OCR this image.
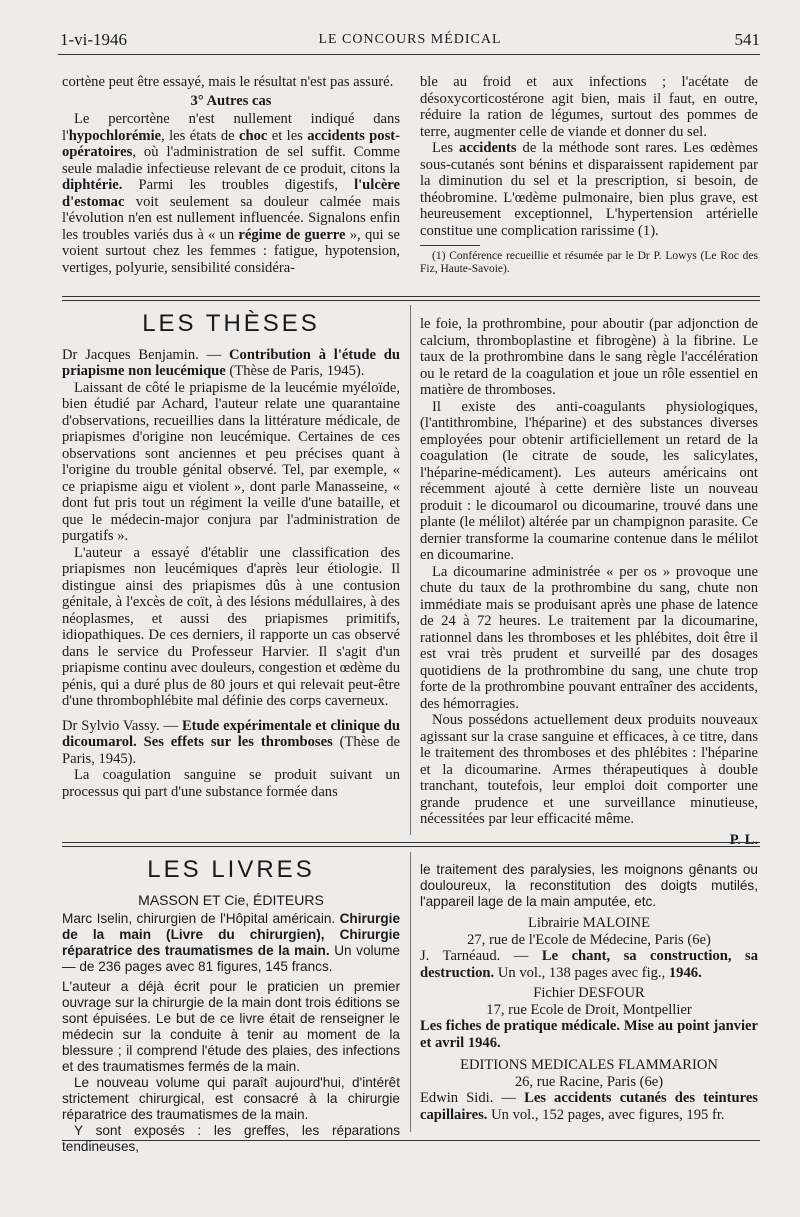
1-vi-1946	LE CONCOURS MÉDICAL	541

cortène peut être essayé, mais le résultat n'est pas assuré.

3° Autres cas

Le percortène n'est nullement indiqué dans l'hypochlorémie, les états de choc et les accidents post-opératoires, où l'administration de sel suffit. Comme seule maladie infectieuse relevant de ce produit, citons la diphtérie. Parmi les troubles digestifs, l'ulcère d'estomac voit seulement sa douleur calmée mais l'évolution n'en est nullement influencée. Signalons enfin les troubles variés dus à « un régime de guerre », qui se voient surtout chez les femmes : fatigue, hypotension, vertiges, polyurie, sensibilité considéra-

ble au froid et aux infections ; l'acétate de désoxycorticostérone agit bien, mais il faut, en outre, réduire la ration de légumes, surtout des pommes de terre, augmenter celle de viande et donner du sel.

Les accidents de la méthode sont rares. Les œdèmes sous-cutanés sont bénins et disparaissent rapidement par la diminution du sel et la prescription, si besoin, de théobromine. L'œdème pulmonaire, bien plus grave, est heureusement exceptionnel, L'hypertension artérielle constitue une complication rarissime (1).

(1) Conférence recueillie et résumée par le Dr P. Lowys (Le Roc des Fiz, Haute-Savoie).

LES THÈSES

Dr Jacques Benjamin. — Contribution à l'étude du priapisme non leucémique (Thèse de Paris, 1945).

Laissant de côté le priapisme de la leucémie myéloïde, bien étudié par Achard, l'auteur relate une quarantaine d'observations, recueillies dans la littérature médicale, de priapismes d'origine non leucémique. Certaines de ces observations sont anciennes et peu précises quant à l'origine du trouble génital observé. Tel, par exemple, « ce priapisme aigu et violent », dont parle Manasseine, « dont fut pris tout un régiment la veille d'une bataille, et que le médecin-major conjura par l'administration de purgatifs ».

L'auteur a essayé d'établir une classification des priapismes non leucémiques d'après leur étiologie. Il distingue ainsi des priapismes dûs à une contusion génitale, à l'excès de coït, à des lésions médullaires, à des néoplasmes, et aussi des priapismes primitifs, idiopathiques. De ces derniers, il rapporte un cas observé dans le service du Professeur Harvier. Il s'agit d'un priapisme continu avec douleurs, congestion et œdème du pénis, qui a duré plus de 80 jours et qui relevait peut-être d'une thrombophlébite mal définie des corps caverneux.

Dr Sylvio Vassy. — Etude expérimentale et clinique du dicoumarol. Ses effets sur les thromboses (Thèse de Paris, 1945).

La coagulation sanguine se produit suivant un processus qui part d'une substance formée dans

le foie, la prothrombine, pour aboutir (par adjonction de calcium, thromboplastine et fibrogène) à la fibrine. Le taux de la prothrombine dans le sang règle l'accélération ou le retard de la coagulation et joue un rôle essentiel en matière de thromboses.

Il existe des anti-coagulants physiologiques, (l'antithrombine, l'héparine) et des substances diverses employées pour obtenir artificiellement un retard de la coagulation (le citrate de soude, les salicylates, l'héparine-médicament). Les auteurs américains ont récemment ajouté à cette dernière liste un nouveau produit : le dicoumarol ou dicoumarine, trouvé dans une plante (le mélilot) altérée par un champignon parasite. Ce dernier transforme la coumarine contenue dans le mélilot en dicoumarine.

La dicoumarine administrée « per os » provoque une chute du taux de la prothrombine du sang, chute non immédiate mais se produisant après une phase de latence de 24 à 72 heures. Le traitement par la dicoumarine, rationnel dans les thromboses et les phlébites, doit être il est vrai très prudent et surveillé par des dosages quotidiens de la prothrombine du sang, une chute trop forte de la prothrombine pouvant entraîner des accidents, des hémorragies.

Nous possédons actuellement deux produits nouveaux agissant sur la crase sanguine et efficaces, à ce titre, dans le traitement des thromboses et des phlébites : l'héparine et la dicoumarine. Armes thérapeutiques à double tranchant, toutefois, leur emploi doit comporter une grande prudence et une surveillance minutieuse, nécessitées par leur efficacité même.

P. L.

LES LIVRES

MASSON ET Cie, ÉDITEURS

Marc Iselin, chirurgien de l'Hôpital américain. Chirurgie de la main (Livre du chirurgien), Chirurgie réparatrice des traumatismes de la main. Un volume — de 236 pages avec 81 figures, 145 francs.

L'auteur a déjà écrit pour le praticien un premier ouvrage sur la chirurgie de la main dont trois éditions se sont épuisées. Le but de ce livre était de renseigner le médecin sur la conduite à tenir au moment de la blessure ; il comprend l'étude des plaies, des infections et des traumatismes fermés de la main.

Le nouveau volume qui paraît aujourd'hui, d'intérêt strictement chirurgical, est consacré à la chirurgie réparatrice des traumatismes de la main.

Y sont exposés : les greffes, les réparations tendineuses,

le traitement des paralysies, les moignons gênants ou douloureux, la reconstitution des doigts mutilés, l'appareil lage de la main amputée, etc.

Librairie MALOINE

27, rue de l'Ecole de Médecine, Paris (6e)

J. Tarnéaud. — Le chant, sa construction, sa destruction. Un vol., 138 pages avec fig., 1946.

Fichier DESFOUR

17, rue Ecole de Droit, Montpellier

Les fiches de pratique médicale. Mise au point janvier et avril 1946.

EDITIONS MEDICALES FLAMMARION

26, rue Racine, Paris (6e)

Edwin Sidi. — Les accidents cutanés des teintures capillaires. Un vol., 152 pages, avec figures, 195 fr.
